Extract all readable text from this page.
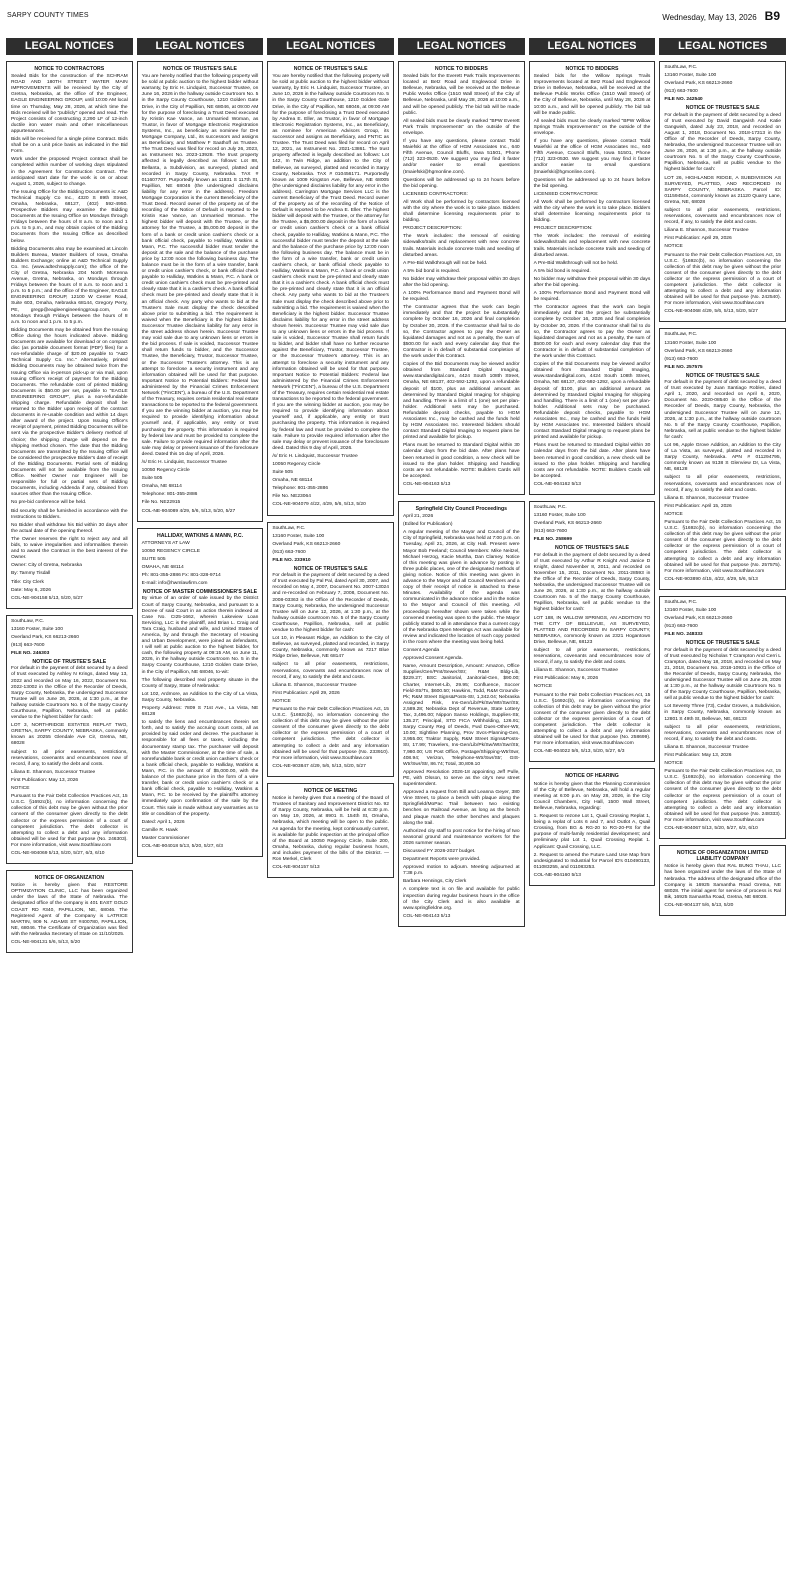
SARPY COUNTY TIMES	Wednesday, May 13, 2026 B9
LEGAL NOTICES
NOTICE TO CONTRACTORS

Sealed Bids for the construction of the SCHRAM ROAD AND 180TH STREET WATER MAIN IMPROVEMENTS will be received by the City of Gretna, Nebraska, at the office of the Engineer, EAGLE ENGINEERING GROUP, until 10:00 AM local time on Thursday, May 28, 2026, at which time the Bids received will be "publicly" opened and read. The Project consists of constructing 2,290 LF of 12-inch ductile iron water main and other miscellaneous appurtenances.

Bids will be received for a single prime Contract. Bids shall be on a unit price basis as indicated in the Bid Form.

Work under the proposed Project contract shall be completed within number of working days stipulated in the Agreement for Construction Contract. The anticipated start date for the work is on or about August 1, 2026, subject to change.

The Issuing Office for the Bidding Documents is: A&D Technical Supply Co Inc., 4320 S 89th Street, Omaha, Nebraska, 68127, (402) 592-4950. Prospective Bidders may examine the Bidding Documents at the Issuing Office on Mondays through Fridays between the hours of 8 a.m. to noon and 1 p.m. to 5 p.m., and may obtain copies of the Bidding Documents from the Issuing Office as described below.

Bidding Documents also may be examined at Lincoln Builders Bureau, Master Builders of Iowa, Omaha Builders Exchange; online at A&D Technical Supply Co. Inc. (www.adtechsupply.com); the office of the City of Gretna, Nebraska 204 North McKenna Avenue, Gretna, Nebraska, on Mondays through Fridays between the hours of 8 a.m. to noon and 1 p.m. to 5 p.m.; and the office of the Engineer, EAGLE ENGINEERING GROUP, 12100 W Center Road, Suite 603, Omaha, Nebraska 68144, Gregory Perry, PE, gregp@eagleengineeringgroup.com, on Mondays through Fridays between the hours of 8 a.m. to noon and 1 p.m. to 5 p.m.

Bidding Documents may be obtained from the Issuing Office during the hours indicated above. Bidding Documents are available for download or on compact disc (as portable document format (PDF) files) for a non-refundable charge of $20.00 payable to "A&D Technical Supply Co. Inc." Alternatively, printed Bidding Documents may be obtained twice from the Issuing Office via in-person pick-up or via mail, upon Issuing Office's receipt of payment for the Bidding Documents. The refundable cost of printed Bidding Documents is $50.00 per set, payable to "EAGLE ENGINEERING GROUP", plus a non-refundable shipping charge. Refundable deposit shall be returned to the Bidder upon receipt of the contract documents in re-usable condition and within 14 days after award of the project. Upon Issuing Office's receipt of payment, printed Bidding Documents will be sent via the prospective Bidder's delivery method of choice; the shipping charge will depend on the shipping method chosen. The date that the Bidding Documents are transmitted by the Issuing Office will be considered the prospective Bidder's date of receipt of the Bidding Documents. Partial sets of Bidding Documents will not be available from the Issuing Office. Neither Owner nor Engineer will be responsible for full or partial sets of Bidding Documents, including Addenda if any, obtained from sources other than the Issuing Office.

No pre-bid conference will be held.

Bid security shall be furnished in accordance with the Instructions to Bidders.

No Bidder shall withdraw his Bid within 30 days after the actual date of the opening thereof.

The Owner reserves the right to reject any and all bids, to waive irregularities and informalities therein and to award the Contract in the best interest of the Owner.

Owner: City of Gretna, Nebraska

By: Tammy Tisdall

Title: City Clerk

Date: May 6, 2026

COL-NE-904158 5/13, 5/20, 5/27

SouthLaw, P.C.

13160 Foster, Suite 100

Overland Park, KS 66213-2660

(913) 663-7600

FILE NO. 246303

NOTICE OF TRUSTEE'S SALE

For default in the payment of debt secured by a deed of trust executed by Ashley N Krings, dated May 13, 2022 and recorded on May 16, 2022, Document No. 2022-13002 in the Office of the Recorder of Deeds, Sarpy County, Nebraska, the undersigned Successor Trustee will on June 26, 2026, at 1:30 p.m., at the hallway outside Courtroom No. 5 of the Sarpy County Courthouse, Papillion, Nebraska, sell at public vendue to the highest bidder for cash:

LOT 3, NORTHRIDGE ESTATES REPLAT TWO, GRETNA, SARPY COUNTY, NEBRASKA, commonly known as 20255 Glendale Ave Cir, Gretna, NE, 68028

subject to all prior easements, restrictions, reservations, covenants and encumbrances now of record, if any, to satisfy the debt and costs.

Liliana E. Shannon, Successor Trustee

First Publication: May 13, 2026

NOTICE

Pursuant to the Fair Debt Collection Practices Act, 15 U.S.C. §1692c(b), no information concerning the collection of this debt may be given without the prior consent of the consumer given directly to the debt collector or the express permission of a court of competent jurisdiction. The debt collector is attempting to collect a debt and any information obtained will be used for that purpose (No. 246303). For more information, visit www.Southlaw.com

COL-NE-904069 5/13, 5/20, 5/27, 6/3, 6/10

NOTICE OF ORGANIZATION

Notice is hereby given that RESTORE OPTIMIZATION CLINIC, LLC has been organized under the laws of the State of Nebraska. The designated office of the company is 401 EAST GOLD COAST RD #340, PAPILLION, NE, 68046. The Registered Agent of the Company is LATRICE MARTIN, 909 N. ADAMS ST #400780, PAPILLION, NE, 68046. The Certificate of Organization was filed with the Nebraska Secretary of State on 11/10/2025.

COL-NE-904131 5/6, 5/13, 5/20

LEGAL NOTICES
NOTICE OF TRUSTEE'S SALE

You are hereby notified that the following property will be sold at public auction to the highest bidder without warranty, by Eric H. Lindquist, Successor Trustee, on June 16, 2026 in the hallway outside Courtroom No. 5 in the Sarpy County Courthouse, 1210 Golden Gate Drive, in the City of Papillion, NE 68046, at 09:00 AM for the purpose of foreclosing a Trust Deed executed by Kristin Kae Vance, an Unmarried Woman, as Trustor, in favor of Mortgage Electronic Registration Systems, Inc., as beneficiary as nominee for DHI Mortgage Company, Ltd., its successors and assigns as Beneficiary, and Matthew F Saathoff as Trustee. The Trust Deed was filed for record on July 26, 2023, as Instrument No. 2023-13928. The trust property affected is legally described as follows: Lot 88, Bellanta, a Subdivision, as surveyed, platted and recorded in Sarpy County, Nebraska. TAX # 011607707. Purportedly known as 11931 S 117th St, Papillion, NE 68046 (the undersigned disclaims liability for any error in the address). Freedom Mortgage Corporation is the current Beneficiary of the Trust Deed. Record owner of the property as of the recording of the Notice of Default is reported to be Kristin Kae Vance, an Unmarried Woman. The highest bidder will deposit with the Trustee, or the attorney for the Trustee, a $5,000.00 deposit in the form of a bank or credit union cashier's check or a bank official check, payable to Halliday, Watkins & Mann, P.C. The successful bidder must tender the deposit at the sale and the balance of the purchase price by 12:00 noon the following business day. The balance must be in the form of a wire transfer, bank or credit union cashier's check, or bank official check payable to Halliday, Watkins & Mann, P.C. A bank or credit union cashier's check must be pre-printed and clearly state that it is a cashier's check. A bank official check must be pre-printed and clearly state that it is an official check. Any party who wants to bid at the Trustee's Sale must display the check described above prior to submitting a bid. The requirement is waived when the Beneficiary is the highest bidder. Successor Trustee disclaims liability for any error in the street address shown herein. Successor Trustee may void sale due to any unknown liens or errors in the bid process. If sale is voided, Successor Trustee shall return funds to bidder, and the Successor Trustee, the Beneficiary, Trustor, Successor Trustee, or the Successor Trustee's attorney. This is an attempt to foreclose a security instrument and any information obtained will be used for that purpose. Important Notice to Potential Bidders: Federal law administered by the Financial Crimes Enforcement Network ("FinCEN"), a bureau of the U.S. Department of the Treasury, requires certain residential real estate transactions to be reported to the federal government. If you are the winning bidder at auction, you may be required to provide identifying information about yourself and, if applicable, any entity or trust purchasing the property. This information is required by federal law and must be provided to complete the sale. Failure to provide required information after the sale may delay or prevent issuance of the foreclosure deed. Dated this 16 day of April, 2026.

/s/ Eric H. Lindquist, Successor Trustee

10050 Regency Circle

Suite 505

Omaha, NE 68114

Telephone: 801-355-2886

File No. NE22915

COL-NE-904089 4/29, 5/6, 5/13, 5/20, 5/27

HALLIDAY, WATKINS & MANN, P.C.

ATTORNEYS AT LAW

10050 REGENCY CIRCLE

SUITE 505

OMAHA, NE 68114

Ph: 801-355-2886 Fx: 801-328-9714

E-mail: info@hwmlawfirm.com

NOTICE OF MASTER COMMISSIONER'S SALE

By virtue of an order of sale issued by the District Court of Sarpy County, Nebraska, and pursuant to a Decree of said Court in an action therein indexed at Case No. CI25-1662, wherein Lakeview Loan Servicing, LLC is the plaintiff, and Brian L. Craig and Tara Craig, husband and wife, and United States of America, by and through the Secretary of Housing and Urban Development, were joined as defendants, I will sell at public auction to the highest bidder, for cash, the following property at 09:15 AM, on June 11, 2026, in the hallway outside Courtroom No. 5 in the Sarpy County Courthouse, 1210 Golden Gate Drive, in the City of Papillion, NE 68046, to-wit:

The following described real property situate in the County of Sarpy, State of Nebraska:

Lot 102, Ardmore, an Addition to the City of La Vista, Sarpy County, Nebraska.

Property Address: 7809 S 71st Ave., La Vista, NE 68128

to satisfy the liens and encumbrances therein set forth, and to satisfy the accruing court costs, all as provided by said order and decree. The purchaser is responsible for all fees or taxes, including the documentary stamp tax. The purchaser will deposit with the Master Commissioner, at the time of sale, a nonrefundable bank or credit union cashier's check or a bank official check, payable to Halliday, Watkins & Mann, P.C. in the amount of $5,000.00, with the balance of the purchase price in the form of a wire transfer, bank or credit union cashier's check or a bank official check, payable to Halliday, Watkins & Mann, P.C. to be received by the plaintiff's attorney immediately upon confirmation of the sale by the Court. This sale is made without any warranties as to title or condition of the property.

Dated: April 1, 2026

Camille R. Hawk

Master Commissioner

COL-NE-904018 5/13, 5/20, 5/27, 6/3

LEGAL NOTICES
NOTICE OF TRUSTEE'S SALE

You are hereby notified that the following property will be sold at public auction to the highest bidder without warranty, by Eric H. Lindquist, Successor Trustee, on June 10, 2026 in the hallway outside Courtroom No. 5 in the Sarpy County Courthouse, 1210 Golden Gate Drive, in the City of Papillion, NE 68046, at 09:00 AM for the purpose of foreclosing a Trust Deed executed by Andrea E. Eller, as Trustor, in favor of Mortgage Electronic Registration Systems, Inc., as Beneficiary, as nominee for American Advisors Group, its successor and assigns as Beneficiary, and FNTIC as Trustee. The Trust Deed was filed for record on April 12, 2021, as Instrument No. 2021-13861. The trust property affected is legally described as follows: Lot 142, In Twin Ridge, an addition to the City of Bellevue, as surveyed, platted and recorded in Sarpy County, Nebraska. TAX # 010456171. Purportedly known as 1009 Kingston Ave, Bellevue, NE 68005 (the undersigned disclaims liability for any error in the address). Carrington Mortgage Services LLC is the current Beneficiary of the Trust Deed. Record owner of the property as of the recording of the Notice of Default is reported to be Andrea E. Eller. The highest bidder will deposit with the Trustee, or the attorney for the Trustee, a $5,000.00 deposit in the form of a bank or credit union cashier's check or a bank official check, payable to Halliday, Watkins & Mann, P.C. The successful bidder must tender the deposit at the sale and the balance of the purchase price by 12:00 noon the following business day. The balance must be in the form of a wire transfer, bank or credit union cashier's check, or bank official check payable to Halliday, Watkins & Mann, P.C. A bank or credit union cashier's check must be pre-printed and clearly state that it is a cashier's check. A bank official check must be pre-printed and clearly state that it is an official check. Any party who wants to bid at the Trustee's Sale must display the check described above prior to submitting a bid. The requirement is waived when the Beneficiary is the highest bidder. Successor Trustee disclaims liability for any error in the street address shown herein. Successor Trustee may void sale due to any unknown liens or errors in the bid process. If sale is voided, Successor Trustee shall return funds to bidder, and bidder shall have no further recourse against the Beneficiary, Trustor, Successor Trustee, or the Successor Trustee's attorney. This is an attempt to foreclose a security instrument and any information obtained will be used for that purpose. Important Notice to Potential Bidders: Federal law administered by the Financial Crimes Enforcement Network ("FinCEN"), a bureau of the U.S. Department of the Treasury, requires certain residential real estate transactions to be reported to the federal government. If you are the winning bidder at auction, you may be required to provide identifying information about yourself and, if applicable, any entity or trust purchasing the property. This information is required by federal law and must be provided to complete the sale. Failure to provide required information after the sale may delay or prevent issuance of the foreclosure deed. Dated this 9 day of April, 2026.

/s/ Eric H. Lindquist, Successor Trustee

10050 Regency Circle

Suite 505

Omaha, NE 68114

Telephone: 801-355-2886

File No. NE23064

COL-NE-904079 4/22, 4/29, 5/6, 5/13, 5/20

SouthLaw, P.C.

13160 Foster, Suite 100

Overland Park, KS 66213-2660

(913) 663-7600

FILE NO. 233910

NOTICE OF TRUSTEE'S SALE

For default in the payment of debt secured by a deed of trust executed by Pal Pal, dated April 30, 2007, and recorded on May 4, 2007, Document No. 2007-13024 and re-recorded on February 7, 2008, Document No. 2008-03363 in the Office of the Recorder of Deeds, Sarpy County, Nebraska, the undersigned Successor Trustee will on June 12, 2026, at 1:30 p.m., at the hallway outside courtroom No. 5 of the Sarpy County Courthouse, Papillion, Nebraska, sell at public vendue to the highest bidder for cash:

Lot 10, in Pleasant Ridge, an Addition to the City of Bellevue, as surveyed, platted and recorded, in Sarpy County, Nebraska, commonly known as 7217 Blue Ridge Drive, Bellevue, NE 68147

subject to all prior easements, restrictions, reservations, covenants and encumbrances now of record, if any, to satisfy the debt and costs.

Liliana E. Shannon, Successor Trustee

First Publication: April 29, 2026

NOTICE

Pursuant to the Fair Debt Collection Practices Act, 15 U.S.C. §1692c(b), no information concerning the collection of this debt may be given without the prior consent of the consumer given directly to the debt collector or the express permission of a court of competent jurisdiction. The debt collector is attempting to collect a debt and any information obtained will be used for that purpose (No. 233910). For more information, visit www.Southlaw.com

COL-NE-903847 4/29, 5/6, 5/13, 5/20, 5/27

NOTICE OF MEETING

Notice is hereby given that a meeting of the Board of Trustees of Sanitary and Improvement District No. 92 of Sarpy County, Nebraska, will be held at 6:30 p.m. on May 19, 2026, at 8901 S. 154th St, Omaha, Nebraska, which meeting will be open to the public. An agenda for the meeting, kept continuously current, is available for public inspection at the principal office of the Board at 10050 Regency Circle, Suite 200, Omaha, Nebraska, during regular business hours, and includes payment of the bills of the District. — Ron Merkel, Clerk

COL-NE-904157 5/13

LEGAL NOTICES
NOTICE TO BIDDERS

Sealed bids for the Everett Park Trails Improvements located at Betz Road and Englewood Drive in Bellevue, Nebraska, will be received at the Bellevue Public Works Office (1510 Wall Street) of the City of Bellevue, Nebraska, until May 28, 2026 at 10:00 a.m., and will be opened publicly. The bid tab will be made public.

All sealed bids must be clearly marked "BPW Everett Park Trails Improvements" on the outside of the envelope.

If you have any questions, please contact Todd Maiefski at the office of HGM Associates Inc., 640 Fifth Avenue, Council Bluffs, Iowa 51501, Phone (712) 323-0530. We suggest you may find it faster and/or easier to email questions (tmaiefski@hgmonline.com).

Questions will be addressed up to 24 hours before the bid opening.

LICENSED CONTRACTORS:

All Work shall be performed by contractors licensed with the city where the work is to take place. Bidders shall determine licensing requirements prior to bidding.

PROJECT DESCRIPTION:

The Work includes: the removal of existing sidewalks/trails and replacement with new concrete trails. Materials include concrete trails and seeding of disturbed areas.

A Pre-Bid Walkthrough will not be held.

A 5% bid bond is required.

No bidder may withdraw their proposal within 30 days after the bid opening.

A 100% Performance Bond and Payment Bond will be required.

The Contractor agrees that the work can begin immediately and that the project be substantially complete by October 16, 2026 and final completion by October 30, 2026. If the Contractor shall fail to do so, the Contractor agrees to pay the Owner as liquidated damages and not as a penalty, the sum of $500.00 for each and every calendar day that the Contractor is in default of substantial completion of the work under this Contract.

Copies of the Bid Documents may be viewed and/or obtained from Standard Digital Imaging, www.standardigital.com, 4424 South 108th Street, Omaha, NE 68137, 402-592-1292, upon a refundable deposit of $100, plus an additional amount as determined by Standard Digital Imaging for shipping and handling. There is a limit of 1 (one) set per plan-holder. Additional sets may be purchased. Refundable deposit checks, payable to HGM Associates Inc., may be cashed and the funds held by HGM Associates Inc. Interested bidders should contact Standard Digital Imaging to request plans be printed and available for pickup.

Plans must be returned to Standard Digital within 30 calendar days from the bid date. After plans have been returned in good condition, a new check will be issued to the plan holder. Shipping and handling costs are not refundable. NOTE: Builders Cards will be accepted.

COL-NE-904163 5/13

Springfield City Council Proceedings

April 21, 2026

(Edited for Publication)

A regular meeting of the Mayor and Council of the City of Springfield, Nebraska was held at 7:00 p.m. on Tuesday, April 21, 2026, at City Hall. Present were Mayor Bob Feeland; Council Members: Mike Neitzel, Michael Herzog, Kacie Murtha, Dan Clamey. Notice of this meeting was given in advance by posting in three public places, one of the designated methods of giving notice. Notice of this meeting was given in advance to the Mayor and all Council Members and a copy of their receipt of notice is attached to these Minutes. Availability of the agenda was communicated in the advance notice and in the notice to the Mayor and Council of this meeting. All proceedings hereafter shown were taken while the convened meeting was open to the public. The Mayor publicly stated to all in attendance that a current copy of the Nebraska Open Meetings Act was available for review and indicated the location of such copy posted in the room where the meeting was being held.

Consent Agenda

Approved Consent Agenda.

Name, Amount Description, Amount: Amazon, Office Supplies/Gen/Pmt/Sewer/Str; R&M Bldg-Lib, $229.27; BSC Janitorial, Janitorial-Gen, $90.00; Charter, Internet-Lib, 29.95; Confluence, Soccer Field-Str/Tx, $600.50; Hawkins, Todd, R&M Grounds-Pk; R&M Street Signs&Posts-Str, 1,342.04; Nebraska Assigned Risk, Ins-Gen/Lib/Pk/Sw/Wtr/Swr/Str, 2,589.28; Nebraska Dept of Revenue, State Lottery Tax, 3,496.00; Nippon Sanso Holdings, Supplies-Str, 135.27; Principal, STD FICA Withholding, 126.91; Sarpy County Reg of Deeds, Fwd Dues-Other-Wtr, 10.00; Sightline Planning, Prov Svcs-Planning-Gen, 3,955.00; Traktor Supply, R&M Street Signs&Posts-Str, 17.99; Travelers, Ins-Gen/Lib/Pk/Sw/Wtr/Swr/Str, 7,980.00; US Post Office, Postage/Shipping-Wtr/Swr, 408.94; Verizon, Telephone-Wtr/Swr/Str; GIS-Wtr/Swr/Str, 86.74; Total, 30,809.10

Approved Resolution 2026-18 appointing Jeff Pulle, PE, with Olsson, to serve as the city's new street superintendent.

Approved a request from Bill and Leanna Geyer, 380 Vine Street, to place a bench with plaque along the Springfield/MoPac Trail between two existing benches on Railroad Avenue, as long as the bench and plaque match the other benches and plaques along the trail.

Authorized city staff to post notice for the hiring of two seasonal ground and maintenance workers for the 2026 summer season.

Discussed FY 2026-2027 budget.

Department Reports were provided.

Approved motion to adjourn. Meeting adjourned at 7:38 p.m.

Barbara Hennings, City Clerk

A complete text is on file and available for public inspection during regular business hours in the office of the City Clerk and is also available at www.springfieldne.org.

COL-NE-904143 5/13

LEGAL NOTICES
NOTICE TO BIDDERS

Sealed bids for the Willow Springs Trails Improvements located at Betz Road and Englewood Drive in Bellevue, Nebraska, will be received at the Bellevue Public Works Office (1510 Wall Street) of the City of Bellevue, Nebraska, until May 28, 2026 at 10:00 a.m., and will be opened publicly. The bid tab will be made public.

All sealed bids must be clearly marked "BPW Willow Springs Trails Improvements" on the outside of the envelope.

If you have any questions, please contact Todd Maiefski at the office of HGM Associates Inc., 640 Fifth Avenue, Council Bluffs, Iowa 51501, Phone (712) 323-0530. We suggest you may find it faster and/or easier to email questions (tmaiefski@hgmonline.com).

Questions will be addressed up to 24 hours before the bid opening.

LICENSED CONTRACTORS:

All Work shall be performed by contractors licensed with the city where the work is to take place. Bidders shall determine licensing requirements prior to bidding.

PROJECT DESCRIPTION:

The Work includes: the removal of existing sidewalks/trails and replacement with new concrete trails. Materials include concrete trails and seeding of disturbed areas.

A Pre-Bid Walkthrough will not be held.

A 5% bid bond is required.

No bidder may withdraw their proposal within 30 days after the bid opening.

A 100% Performance Bond and Payment Bond will be required.

The Contractor agrees that the work can begin immediately and that the project be substantially complete by October 16, 2026 and final completion by October 30, 2026. If the Contractor shall fail to do so, the Contractor agrees to pay the Owner as liquidated damages and not as a penalty, the sum of $500.00 for each and every calendar day that the Contractor is in default of substantial completion of the work under this Contract.

Copies of the Bid Documents may be viewed and/or obtained from Standard Digital Imaging, www.standardigital.com, 4424 South 108th Street, Omaha, NE 68137, 402-592-1292, upon a refundable deposit of $100, plus an additional amount as determined by Standard Digital Imaging for shipping and handling. There is a limit of 1 (one) set per plan-holder. Additional sets may be purchased. Refundable deposit checks, payable to HGM Associates Inc., may be cashed and the funds held by HGM Associates Inc. Interested bidders should contact Standard Digital Imaging to request plans be printed and available for pickup.

Plans must be returned to Standard Digital within 30 calendar days from the bid date. After plans have been returned in good condition, a new check will be issued to the plan holder. Shipping and handling costs are not refundable. NOTE: Builders Cards will be accepted.

COL-NE-904162 5/13

SouthLaw, P.C.

13160 Foster, Suite 100

Overland Park, KS 66213-2660

(913) 663-7600

FILE NO. 258699

NOTICE OF TRUSTEE'S SALE

For default in the payment of debt secured by a deed of trust executed by Arthur R Knight And Janice D Knight, dated November 8, 2011, and recorded on November 15, 2011, Document No. 2011-28593 in the Office of the Recorder of Deeds, Sarpy County, Nebraska, the undersigned Successor Trustee will on June 26, 2026, at 1:30 p.m., at the hallway outside Courtroom No. 5 of the Sarpy County Courthouse, Papillion, Nebraska, sell at public vendue to the highest bidder for cash:

LOT 188, IN WILLOW SPRINGS, AN ADDITION TO THE CITY OF BELLEVUE, AS SURVEYED, PLATTED AND RECORDED IN SARPY COUNTY, NEBRASKA, commonly known as 2321 Hogantown Drive, Bellevue, NE, 68123

subject to all prior easements, restrictions, reservations, covenants and encumbrances now of record, if any, to satisfy the debt and costs.

Liliana E. Shannon, Successor Trustee

First Publication: May 6, 2026

NOTICE

Pursuant to the Fair Debt Collection Practices Act, 15 U.S.C. §1692c(b), no information concerning the collection of this debt may be given without the prior consent of the consumer given directly to the debt collector or the express permission of a court of competent jurisdiction. The debt collector is attempting to collect a debt and any information obtained will be used for that purpose (No. 258699). For more information, visit www.Southlaw.com

COL-NE-904022 5/6, 5/13, 5/20, 5/27, 6/3

NOTICE OF HEARING

Notice is hereby given that the Planning Commission of the City of Bellevue, Nebraska, will hold a regular meeting at 6:00 p.m. on May 28, 2026, in the City Council Chambers, City Hall, 1500 Wall Street, Bellevue, Nebraska, regarding:

1. Request to rezone Lot 1, Quail Crossing Replat 1, being a replat of Lots 6 and 7, and Outlot A, Quail Crossing, from BG & RG-20 to RG-20-PS for the purpose of multi-family residential development; and preliminary plat Lot 1, Quail Crossing Replat 1. Applicant: Quail Crossing, LLC.

2. Request to amend the Future Land Use Map from undesignated to Industrial for Parcel ID's 010490133, 011083255, and 011083253.

COL-NE-904160 5/13

LEGAL NOTICES

SouthLaw, P.C.

13160 Foster, Suite 100

Overland Park, KS 66213-2660

(913) 663-7600

FILE NO. 242540

NOTICE OF TRUSTEE'S SALE

For default in the payment of debt secured by a deed of trust executed by David Gangwish And Katie Gangwish, dated July 23, 2018, and recorded on August 1, 2018, Document No. 2018-17313 in the Office of the Recorder of Deeds, Sarpy County, Nebraska, the undersigned Successor Trustee will on June 26, 2026, at 1:30 p.m., at the hallway outside courtroom No. 5 of the Sarpy County Courthouse, Papillion, Nebraska, sell at public vendue to the highest bidder for cash:

LOT 26, HIGHLANDS RIDGE, A SUBDIVISION AS SURVEYED, PLATTED, AND RECORDED IN SARPY COUNTY, NEBRASKA. Parcel ID: 011594544, commonly known as 21120 Quarry Lane, Gretna, NE, 68028

subject to all prior easements, restrictions, reservations, covenants and encumbrances now of record, if any, to satisfy the debt and costs.

Liliana E. Shannon, Successor Trustee

First Publication: April 29, 2026

NOTICE

Pursuant to the Fair Debt Collection Practices Act, 15 U.S.C. §1692c(b), no information concerning the collection of this debt may be given without the prior consent of the consumer given directly to the debt collector or the express permission of a court of competent jurisdiction. The debt collector is attempting to collect a debt and any information obtained will be used for that purpose (No. 242540). For more information, visit www.Southlaw.com

COL-NE-904068 4/29, 5/6, 5/13, 5/20, 5/27

SouthLaw, P.C.

13160 Foster, Suite 100

Overland Park, KS 66213-2660

(913) 663-7600

FILE NO. 257575

NOTICE OF TRUSTEE'S SALE

For default in the payment of debt secured by a deed of trust executed by Juan Santiago Robles, dated April 1, 2020, and recorded on April 6, 2020, Document No. 2020-08540 in the Office of the Recorder of Deeds, Sarpy County, Nebraska, the undersigned Successor Trustee will on June 12, 2026, at 1:30 p.m., at the hallway outside courtroom No. 5 of the Sarpy County Courthouse, Papillion, Nebraska, sell at public vendue to the highest bidder for cash:

Lot 96, Apple Grove Addition, an Addition to the City of La Vista, as surveyed, platted and recorded in Sarpy County, Nebraska. APN # 011294795, commonly known as 9138 S Glenview Dr, La Vista, NE, 68128

subject to all prior easements, restrictions, reservations, covenants and encumbrances now of record, if any, to satisfy the debt and costs.

Liliana E. Shannon, Successor Trustee

First Publication: April 15, 2026

NOTICE

Pursuant to the Fair Debt Collection Practices Act, 15 U.S.C. §1692c(b), no information concerning the collection of this debt may be given without the prior consent of the consumer given directly to the debt collector or the express permission of a court of competent jurisdiction. The debt collector is attempting to collect a debt and any information obtained will be used for that purpose (No. 257575). For more information, visit www.Southlaw.com

COL-NE-903890 4/15, 4/22, 4/29, 5/6, 5/13

SouthLaw, P.C.

13160 Foster, Suite 100

Overland Park, KS 66213-2660

(913) 663-7600

FILE NO. 248333

NOTICE OF TRUSTEE'S SALE

For default in the payment of debt secured by a deed of trust executed by Nicholas T Crampton And Cerri L Crampton, dated May 18, 2018, and recorded on May 21, 2018, Document No. 2018-10931 in the Office of the Recorder of Deeds, Sarpy County, Nebraska, the undersigned Successor Trustee will on June 26, 2026 at 1:30 p.m., at the hallway outside Courtroom No. 5 of the Sarpy County Courthouse, Papillion, Nebraska, sell at public vendue to the highest bidder for cash:

Lot Seventy Three (73), Cedar Groves, a Subdivision, in Sarpy County, Nebraska, commonly known as 12801 S 49th St, Bellevue, NE, 68133

subject to all prior easements, restrictions, reservations, covenants and encumbrances now of record, if any, to satisfy the debt and costs.

Liliana E. Shannon, Successor Trustee

First Publication: May 13, 2026

NOTICE

Pursuant to the Fair Debt Collection Practices Act, 15 U.S.C. §1692c(b), no information concerning the collection of this debt may be given without the prior consent of the consumer given directly to the debt collector or the express permission of a court of competent jurisdiction. The debt collector is attempting to collect a debt and any information obtained will be used for that purpose (No. 248333). For more information, visit www.Southlaw.com

COL-NE-904067 5/13, 5/20, 5/27, 6/3, 6/10

NOTICE OF ORGANIZATION LIMITED LIABILITY COMPANY

Notice is hereby given that RAL BUNG THAU, LLC has been organized under the laws of the State of Nebraska. The address of the designated office of the Company is 16925 Samantha Road Gretna, NE 68028. The initial agent for service of process is Ral Bik, 16925 Samantha Road, Gretna, NE 68028.

COL-NE-904137 5/6, 5/13, 5/20
